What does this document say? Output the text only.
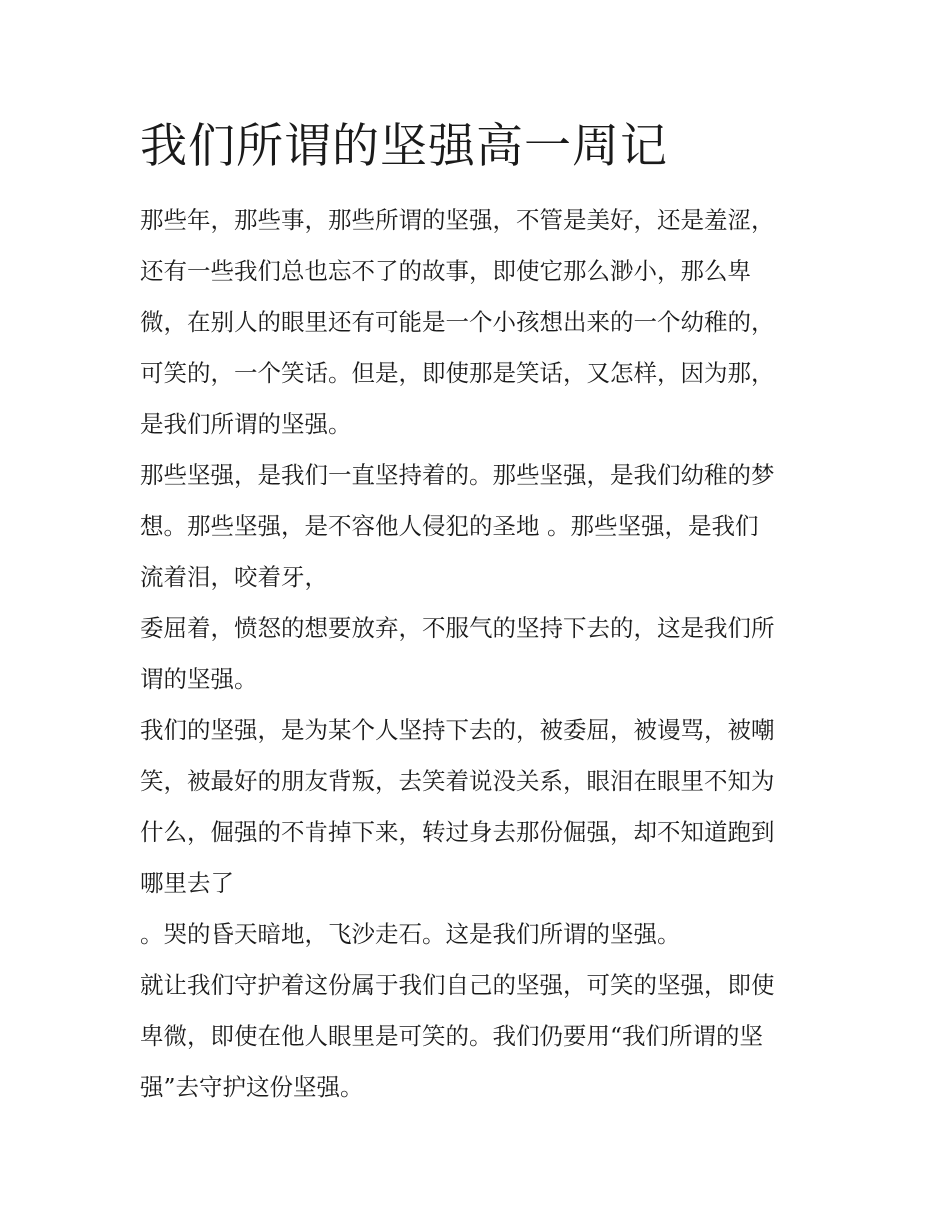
我们所谓的坚强高一周记

那些年，那些事，那些所谓的坚强，不管是美好，还是羞涩，

还有一些我们总也忘不了的故事，即使它那么渺小，那么卑

微，在别人的眼里还有可能是一个小孩想出来的一个幼稚的，

可笑的，一个笑话。但是，即使那是笑话，又怎样，因为那，

是我们所谓的坚强。

那些坚强，是我们一直坚持着的。那些坚强，是我们幼稚的梦

想。那些坚强，是不容他人侵犯的圣地 。那些坚强，是我们

流着泪，咬着牙，

委屈着，愤怒的想要放弃，不服气的坚持下去的，这是我们所

谓的坚强。

我们的坚强，是为某个人坚持下去的，被委屈，被谩骂，被嘲

笑，被最好的朋友背叛，去笑着说没关系，眼泪在眼里不知为

什么，倔强的不肯掉下来，转过身去那份倔强，却不知道跑到

哪里去了

。哭的昏天暗地，飞沙走石。这是我们所谓的坚强。

就让我们守护着这份属于我们自己的坚强，可笑的坚强，即使

卑微，即使在他人眼里是可笑的。我们仍要用“我们所谓的坚

强”去守护这份坚强。
